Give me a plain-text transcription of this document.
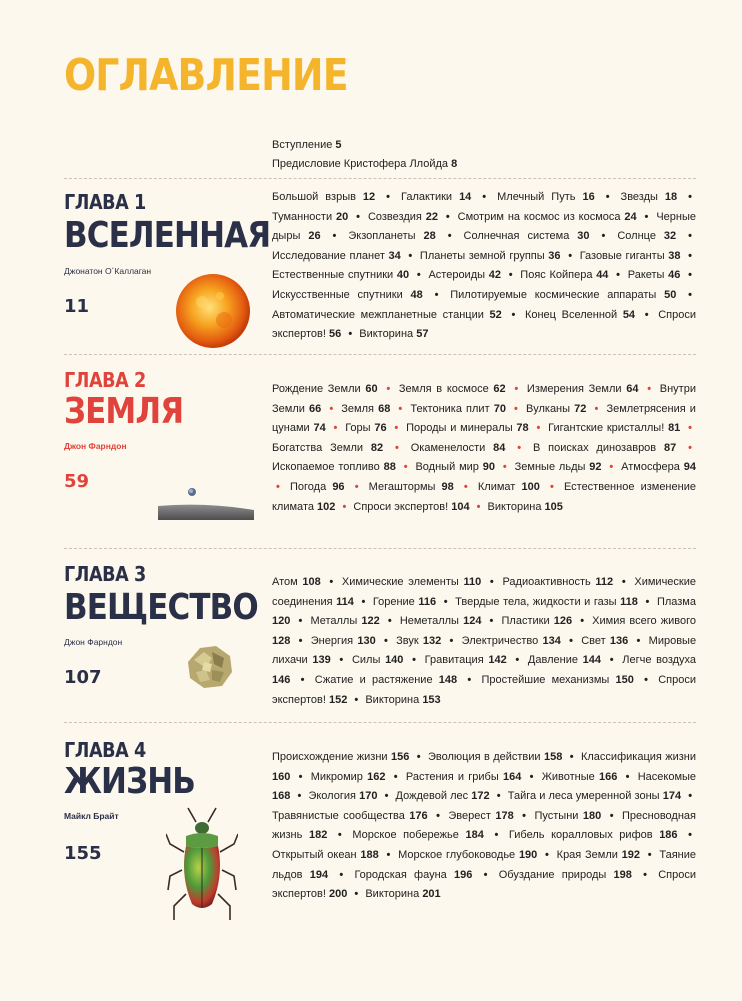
ОГЛАВЛЕНИЕ
Вступление 5
Предисловие Кристофера Ллойда 8
ГЛАВА 1
ВСЕЛЕННАЯ
Джонатон О´Каллаган
11
Большой взрыв 12 • Галактики 14 • Млечный Путь 16 • Звезды 18 • Туманности 20 • Созвездия 22 • Смотрим на космос из космоса 24 • Черные дыры 26 • Экзопланеты 28 • Солнечная система 30 • Солнце 32 • Исследование планет 34 • Планеты земной группы 36 • Газовые гиганты 38 • Естественные спутники 40 • Астероиды 42 • Пояс Койпера 44 • Ракеты 46 • Искусственные спутники 48 • Пилотируемые космические аппараты 50 • Автоматические межпланетные станции 52 • Конец Вселенной 54 • Спроси экспертов! 56 • Викторина 57
ГЛАВА 2
ЗЕМЛЯ
Джон Фарндон
59
Рождение Земли 60 • Земля в космосе 62 • Измерения Земли 64 • Внутри Земли 66 • Земля 68 • Тектоника плит 70 • Вулканы 72 • Землетрясения и цунами 74 • Горы 76 • Породы и минералы 78 • Гигантские кристаллы! 81 • Богатства Земли 82 • Окаменелости 84 • В поисках динозавров 87 • Ископаемое топливо 88 • Водный мир 90 • Земные льды 92 • Атмосфера 94 • Погода 96 • Мегаштормы 98 • Климат 100 • Естественное изменение климата 102 • Спроси экспертов! 104 • Викторина 105
ГЛАВА 3
ВЕЩЕСТВО
Джон Фарндон
107
Атом 108 • Химические элементы 110 • Радиоактивность 112 • Химические соединения 114 • Горение 116 • Твердые тела, жидкости и газы 118 • Плазма 120 • Металлы 122 • Неметаллы 124 • Пластики 126 • Химия всего живого 128 • Энергия 130 • Звук 132 • Электричество 134 • Свет 136 • Мировые лихачи 139 • Силы 140 • Гравитация 142 • Давление 144 • Легче воздуха 146 • Сжатие и растяжение 148 • Простейшие механизмы 150 • Спроси экспертов! 152 • Викторина 153
ГЛАВА 4
ЖИЗНЬ
Майкл Брайт
155
Происхождение жизни 156 • Эволюция в действии 158 • Классификация жизни 160 • Микромир 162 • Растения и грибы 164 • Животные 166 • Насекомые 168 • Экология 170 • Дождевой лес 172 • Тайга и леса умеренной зоны 174 • Травянистые сообщества 176 • Эверест 178 • Пустыни 180 • Пресноводная жизнь 182 • Морское побережье 184 • Гибель коралловых рифов 186 • Открытый океан 188 • Морское глубоководье 190 • Края Земли 192 • Таяние льдов 194 • Городская фауна 196 • Обуздание природы 198 • Спроси экспертов! 200 • Викторина 201
